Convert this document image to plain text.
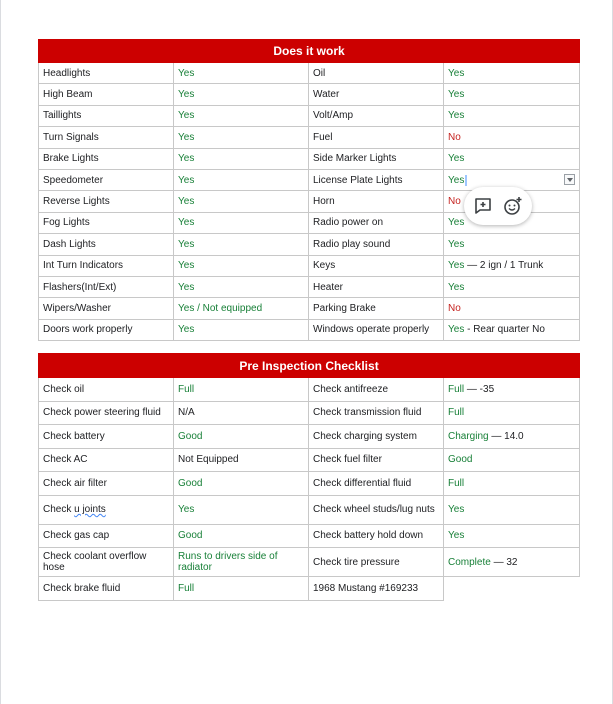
Does it work			
Headlights	Yes	Oil	Yes
High Beam	Yes	Water	Yes
Taillights	Yes	Volt/Amp	Yes
Turn Signals	Yes	Fuel	No
Brake Lights	Yes	Side Marker Lights	Yes
Speedometer	Yes	License Plate Lights	Yes

Reverse Lights	Yes	Horn	No
Fog Lights	Yes	Radio power on	Yes
Dash Lights	Yes	Radio play sound	Yes
Int Turn Indicators	Yes	Keys	Yes — 2 ign / 1 Trunk
Flashers(Int/Ext)	Yes	Heater	Yes
Wipers/Washer	Yes / Not equipped	Parking Brake	No
Doors work properly	Yes	Windows operate properly	Yes - Rear quarter No
Pre Inspection Checklist			
Check oil	Full	Check antifreeze	Full — -35
Check power steering fluid	N/A	Check transmission fluid	Full
Check battery	Good	Check charging system	Charging — 14.0
Check AC	Not Equipped	Check fuel filter	Good
Check air filter	Good	Check differential fluid	Full
Check u joints	Yes	Check wheel studs/lug nuts	Yes
Check gas cap	Good	Check battery hold down	Yes
Check coolant overflow hose	Runs to drivers side of radiator	Check tire pressure	Complete — 32
Check brake fluid	Full	1968 Mustang #169233	
